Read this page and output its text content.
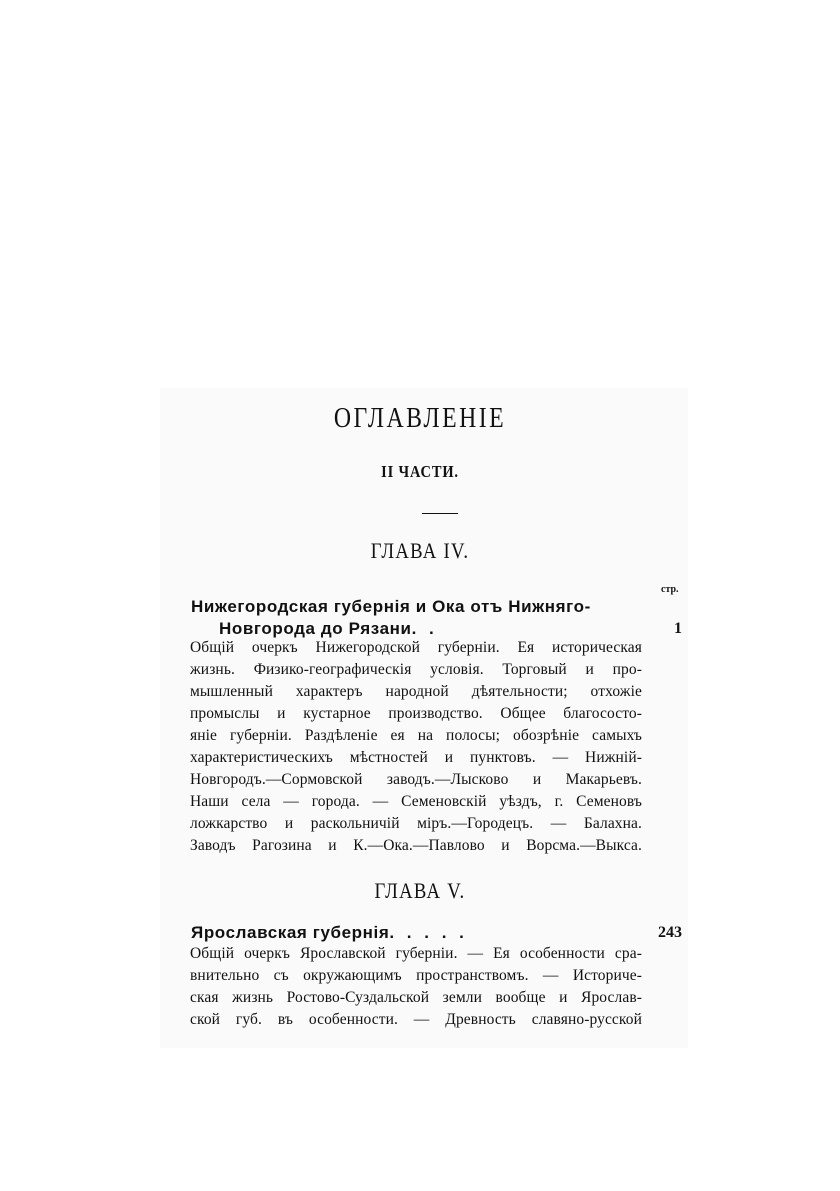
ОГЛАВЛЕНІЕ
II ЧАСТИ.
ГЛАВА IV.
стр.
Нижегородская губернія и Ока отъ Нижняго-
Новгорода до Рязани. .	1
Общій очеркъ Нижегородской губерніи. Ея историческая
жизнь. Физико-географическія условія. Торговый и про-
мышленный характеръ народной дѣятельности; отхожіе
промыслы и кустарное производство. Общее благососто-
яніе губерніи. Раздѣленіе ея на полосы; обозрѣніе самыхъ
характеристическихъ мѣстностей и пунктовъ. — Нижній-
Новгородъ.—Сормовской заводъ.—Лысково и Макарьевъ.
Наши села — города. — Семеновскій уѣздъ, г. Семеновъ
ложкарство и раскольничій міръ.—Городецъ. — Балахна.
Заводъ Рагозина и К.—Ока.—Павлово и Ворсма.—Выкса.
ГЛАВА V.
Ярославская губернія. . . . .	243
Общій очеркъ Ярославской губерніи. — Ея особенности сра-
внительно съ окружающимъ пространствомъ. — Историче-
ская жизнь Ростово-Суздальской земли вообще и Ярослав-
ской губ. въ особенности. — Древность славяно-русской
